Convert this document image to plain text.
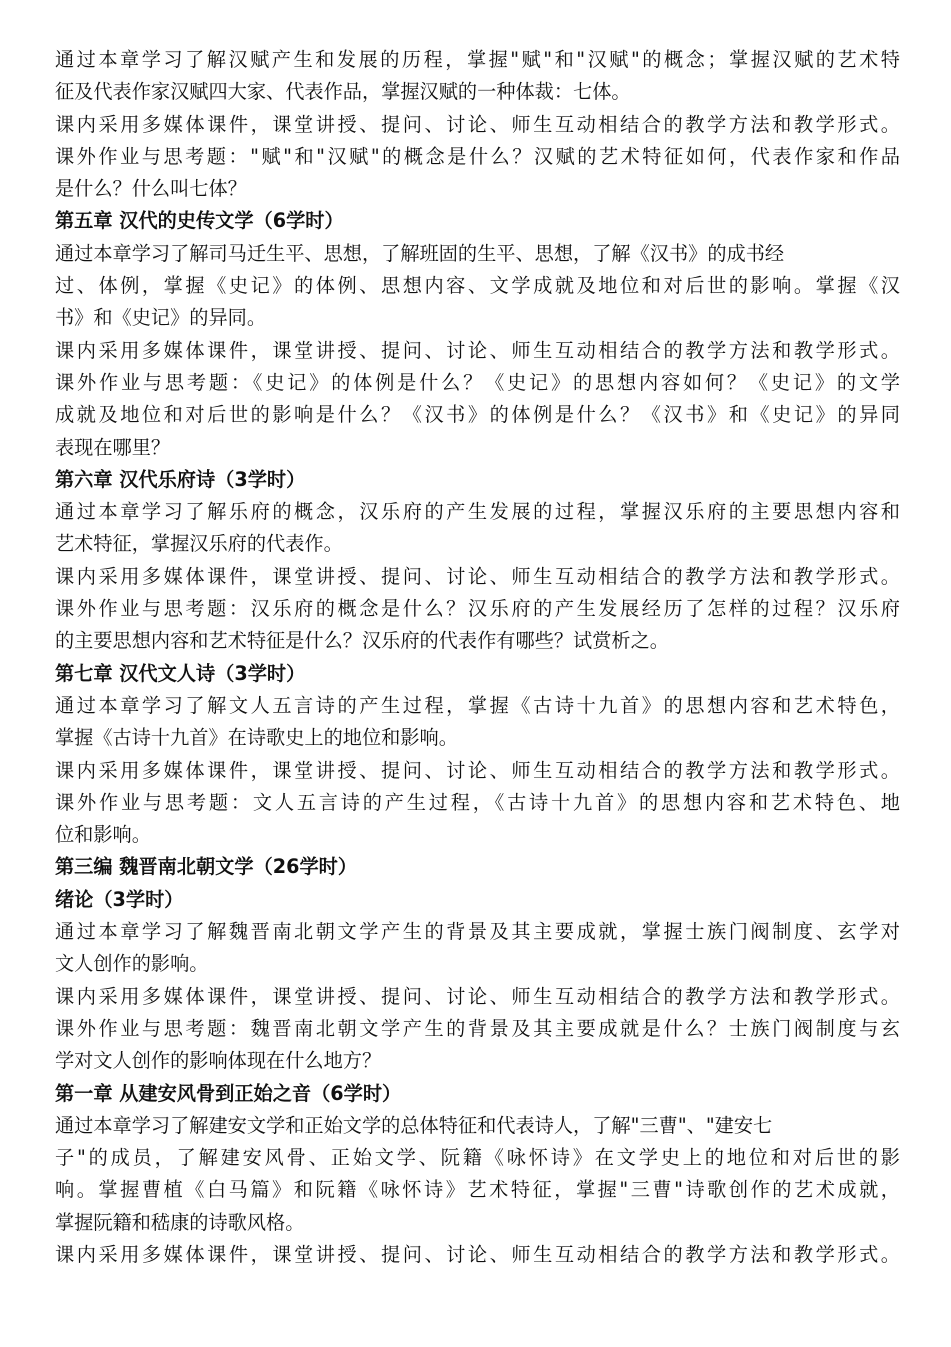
通过本章学习了解汉赋产生和发展的历程，掌握"赋"和"汉赋"的概念；掌握汉赋的艺术特
征及代表作家汉赋四大家、代表作品，掌握汉赋的一种体裁：七体。
课内采用多媒体课件，课堂讲授、提问、讨论、师生互动相结合的教学方法和教学形式。
课外作业与思考题："赋"和"汉赋"的概念是什么？汉赋的艺术特征如何，代表作家和作品
是什么？什么叫七体？
第五章 汉代的史传文学（6学时）
通过本章学习了解司马迁生平、思想，了解班固的生平、思想，了解《汉书》的成书经
过、体例，掌握《史记》的体例、思想内容、文学成就及地位和对后世的影响。掌握《汉
书》和《史记》的异同。
课内采用多媒体课件，课堂讲授、提问、讨论、师生互动相结合的教学方法和教学形式。
课外作业与思考题：《史记》的体例是什么？《史记》的思想内容如何？《史记》的文学
成就及地位和对后世的影响是什么？《汉书》的体例是什么？《汉书》和《史记》的异同
表现在哪里？
第六章 汉代乐府诗（3学时）
通过本章学习了解乐府的概念，汉乐府的产生发展的过程，掌握汉乐府的主要思想内容和
艺术特征，掌握汉乐府的代表作。
课内采用多媒体课件，课堂讲授、提问、讨论、师生互动相结合的教学方法和教学形式。
课外作业与思考题：汉乐府的概念是什么？汉乐府的产生发展经历了怎样的过程？汉乐府
的主要思想内容和艺术特征是什么？汉乐府的代表作有哪些？试赏析之。
第七章 汉代文人诗（3学时）
通过本章学习了解文人五言诗的产生过程，掌握《古诗十九首》的思想内容和艺术特色，
掌握《古诗十九首》在诗歌史上的地位和影响。
课内采用多媒体课件，课堂讲授、提问、讨论、师生互动相结合的教学方法和教学形式。
课外作业与思考题：文人五言诗的产生过程，《古诗十九首》的思想内容和艺术特色、地
位和影响。
第三编 魏晋南北朝文学（26学时）
绪论（3学时）
通过本章学习了解魏晋南北朝文学产生的背景及其主要成就，掌握士族门阀制度、玄学对
文人创作的影响。
课内采用多媒体课件，课堂讲授、提问、讨论、师生互动相结合的教学方法和教学形式。
课外作业与思考题：魏晋南北朝文学产生的背景及其主要成就是什么？士族门阀制度与玄
学对文人创作的影响体现在什么地方？
第一章 从建安风骨到正始之音（6学时）
通过本章学习了解建安文学和正始文学的总体特征和代表诗人，了解"三曹"、"建安七
子"的成员，了解建安风骨、正始文学、阮籍《咏怀诗》在文学史上的地位和对后世的影
响。掌握曹植《白马篇》和阮籍《咏怀诗》艺术特征，掌握"三曹"诗歌创作的艺术成就，
掌握阮籍和嵇康的诗歌风格。
课内采用多媒体课件，课堂讲授、提问、讨论、师生互动相结合的教学方法和教学形式。
